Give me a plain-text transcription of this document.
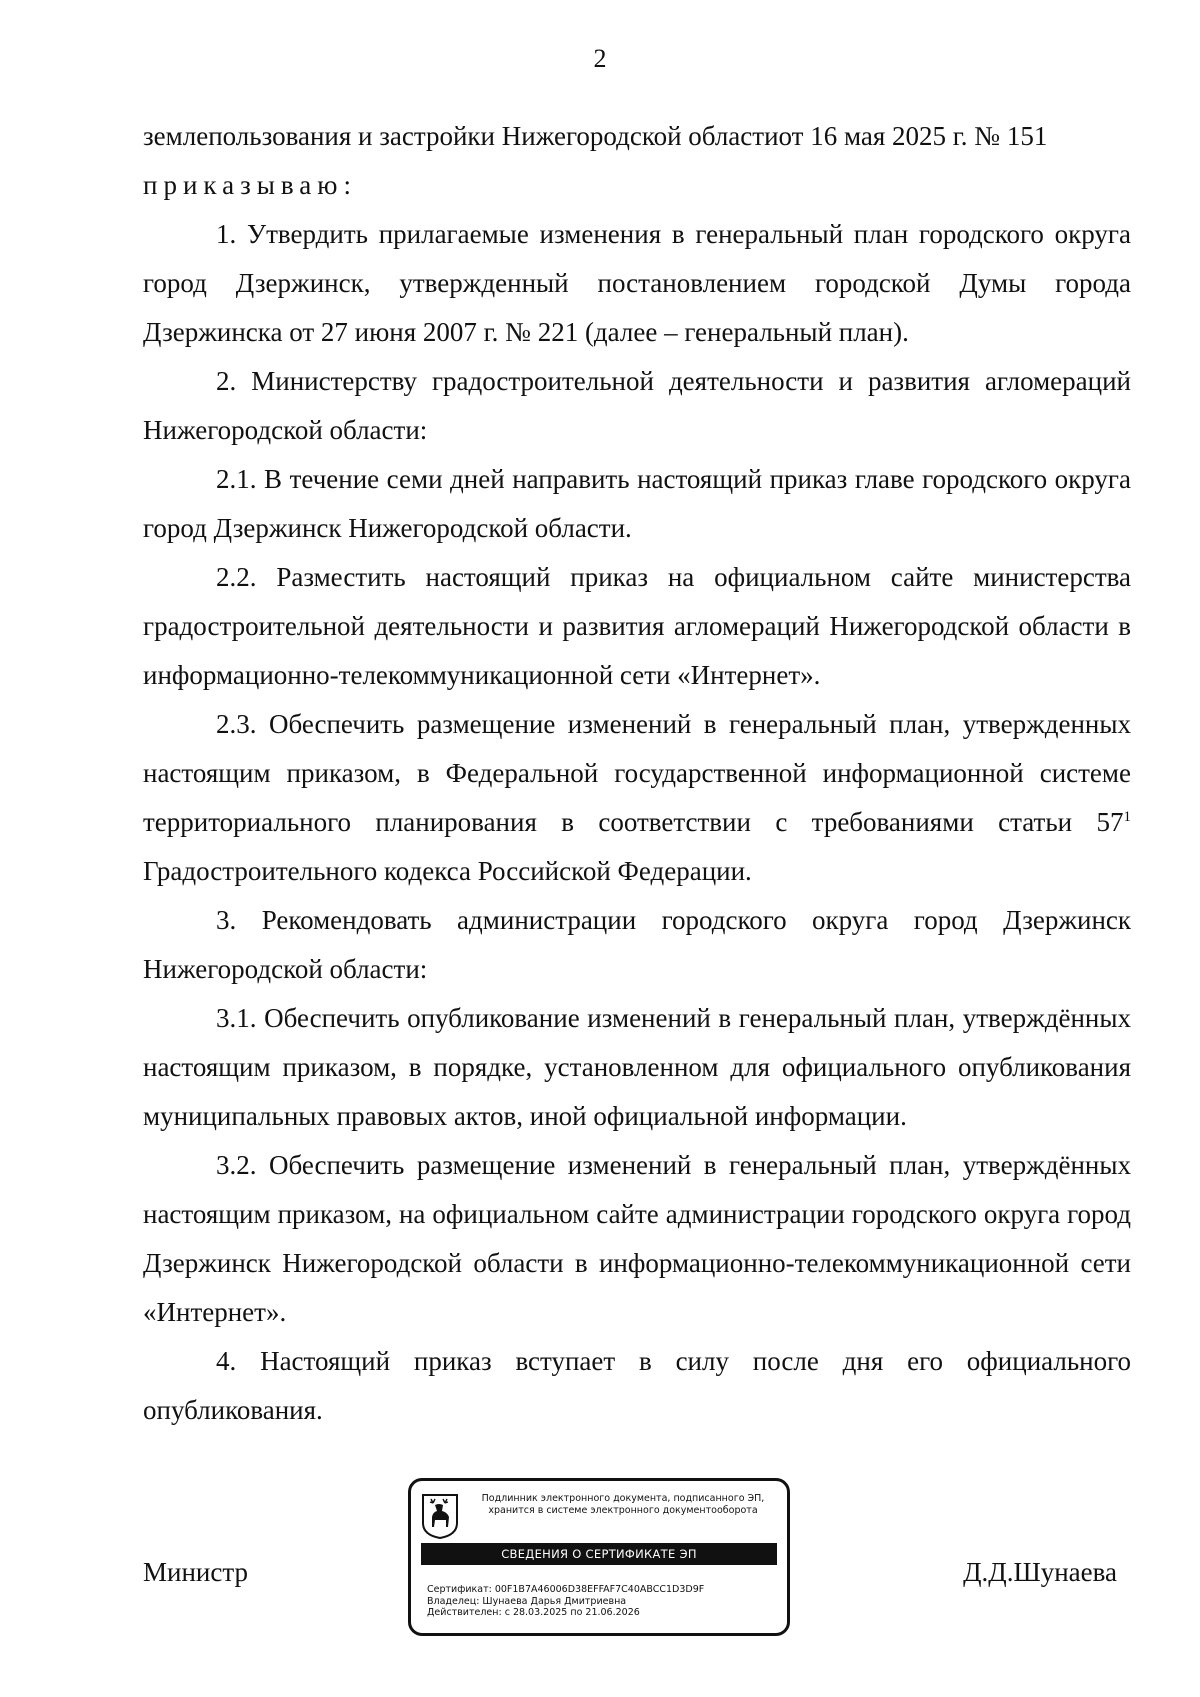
2

землепользования и застройки Нижегородской областиот 16 мая 2025 г. № 151

приказываю:

1. Утвердить прилагаемые изменения в генеральный план городского округа город Дзержинск, утвержденный постановлением городской Думы города Дзержинска от 27 июня 2007 г. № 221 (далее – генеральный план).

2. Министерству градостроительной деятельности и развития агломераций Нижегородской области:

2.1. В течение семи дней направить настоящий приказ главе городского округа город Дзержинск Нижегородской области.

2.2. Разместить настоящий приказ на официальном сайте министерства градостроительной деятельности и развития агломераций Нижегородской области в информационно-телекоммуникационной сети «Интернет».

2.3. Обеспечить размещение изменений в генеральный план, утвержденных настоящим приказом, в Федеральной государственной информационной системе территориального планирования в соответствии с требованиями статьи $57^1$ Градостроительного кодекса Российской Федерации.

3. Рекомендовать администрации городского округа город Дзержинск Нижегородской области:

3.1. Обеспечить опубликование изменений в генеральный план, утверждённых настоящим приказом, в порядке, установленном для официального опубликования муниципальных правовых актов, иной официальной информации.

3.2. Обеспечить размещение изменений в генеральный план, утверждённых настоящим приказом, на официальном сайте администрации городского округа город Дзержинск Нижегородской области в информационно-телекоммуникационной сети «Интернет».

4. Настоящий приказ вступает в силу после дня его официального опубликования.

Министр	Д.Д.Шунаева
Подлинник электронного документа, подписанного ЭП,
хранится в системе электронного документооборота
СВЕДЕНИЯ О СЕРТИФИКАТЕ ЭП
Сертификат: 00F1B7A46006D38EFFAF7C40ABCC1D3D9F
Владелец: Шунаева Дарья Дмитриевна
Действителен: с 28.03.2025 по 21.06.2026
